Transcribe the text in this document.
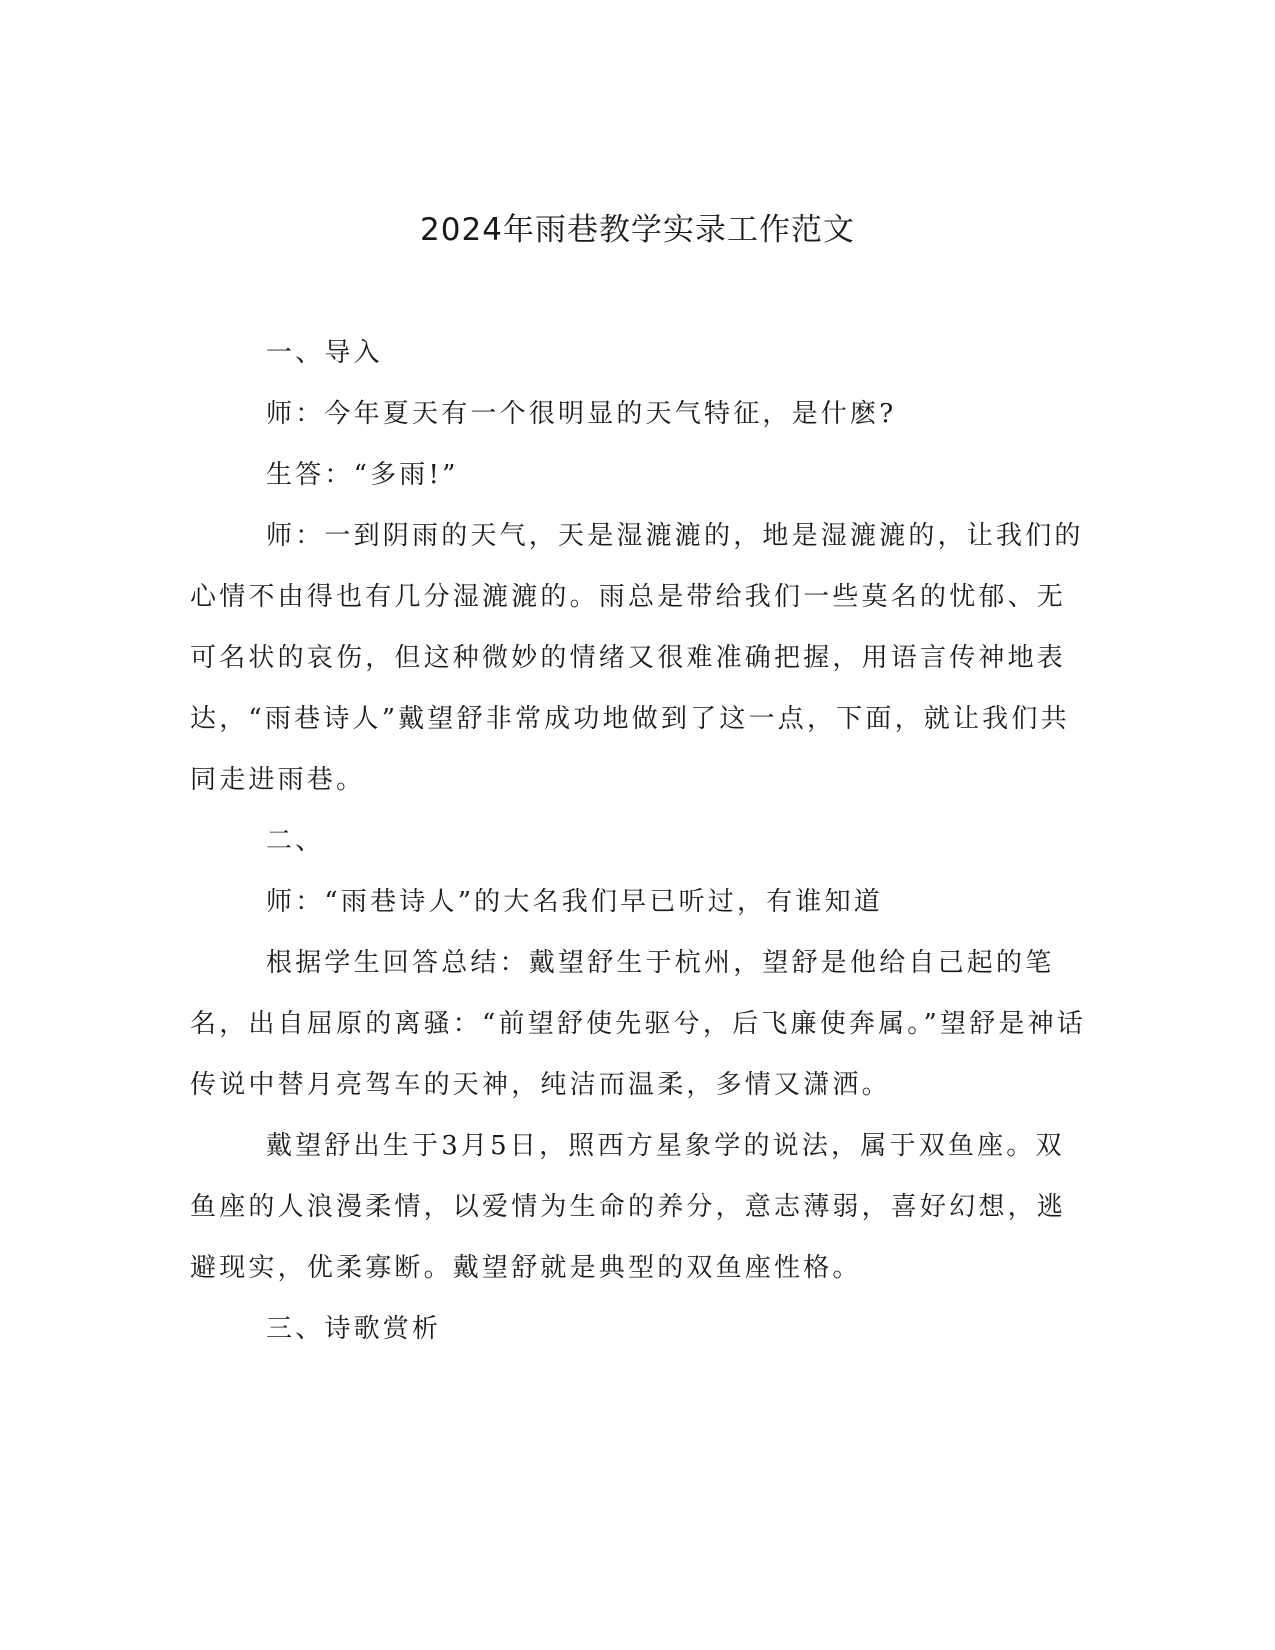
2024年雨巷教学实录工作范文

一、导入

师：今年夏天有一个很明显的天气特征，是什麽?

生答：“多雨!”

师：一到阴雨的天气，天是湿漉漉的，地是湿漉漉的，让我们的心情不由得也有几分湿漉漉的。雨总是带给我们一些莫名的忧郁、无可名状的哀伤，但这种微妙的情绪又很难准确把握，用语言传神地表达，“雨巷诗人”戴望舒非常成功地做到了这一点，下面，就让我们共同走进雨巷。

二、

师：“雨巷诗人”的大名我们早已听过，有谁知道

根据学生回答总结：戴望舒生于杭州，望舒是他给自己起的笔名，出自屈原的离骚：“前望舒使先驱兮，后飞廉使奔属。”望舒是神话传说中替月亮驾车的天神，纯洁而温柔，多情又潇洒。

戴望舒出生于3月5日，照西方星象学的说法，属于双鱼座。双鱼座的人浪漫柔情，以爱情为生命的养分，意志薄弱，喜好幻想，逃避现实，优柔寡断。戴望舒就是典型的双鱼座性格。

三、诗歌赏析
